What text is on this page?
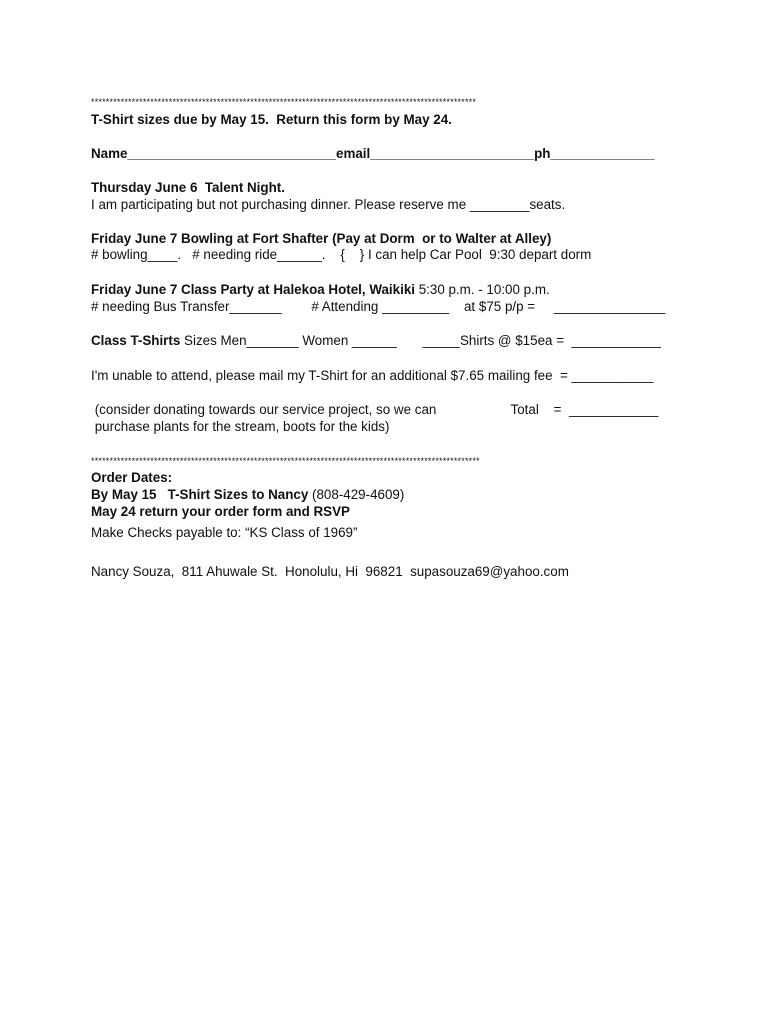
********************************************************************************************************
T-Shirt sizes due by May 15.  Return this form by May 24.
Name____________________________email______________________ph______________
Thursday June 6  Talent Night.
I am participating but not purchasing dinner. Please reserve me ________seats.
Friday June 7 Bowling at Fort Shafter (Pay at Dorm  or to Walter at Alley)
# bowling____.   # needing ride______.    {    } I can help Car Pool  9:30 depart dorm
Friday June 7 Class Party at Halekoa Hotel, Waikiki 5:30 p.m. - 10:00 p.m.
# needing Bus Transfer_______        # Attending _________    at $75 p/p =     _______________
Class T-Shirts Sizes Men_______ Women ______       _____Shirts @ $15ea =  ____________
I'm unable to attend, please mail my T-Shirt for an additional $7.65 mailing fee  = ___________
(consider donating towards our service project, so we can                    Total    =  ____________
purchase plants for the stream, boots for the kids)
*********************************************************************************************************
Order Dates:
By May 15   T-Shirt Sizes to Nancy (808-429-4609)
May 24 return your order form and RSVP
Make Checks payable to: “KS Class of 1969”
Nancy Souza,  811 Ahuwale St.  Honolulu, Hi  96821  supasouza69@yahoo.com
